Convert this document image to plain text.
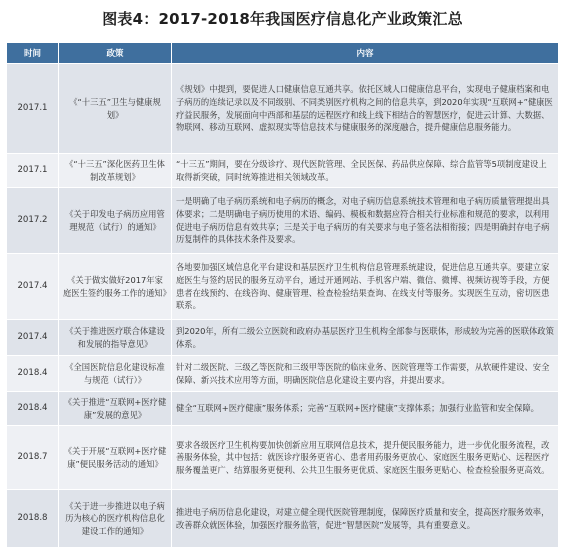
图表4：2017-2018年我国医疗信息化产业政策汇总
时间	政策	内容
2017.1	《“十三五”卫生与健康规划》	《规划》中提到，要促进人口健康信息互通共享。依托区域人口健康信息平台，实现电子健康档案和电子病历的连续记录以及不同级别、不同类别医疗机构之间的信息共享，到2020年实现“互联网+”健康医疗益民服务，发展面向中西部和基层的远程医疗和线上线下相结合的智慧医疗，促进云计算、大数据、物联网、移动互联网、虚拟现实等信息技术与健康服务的深度融合，提升健康信息服务能力。
2017.1	《“十三五”深化医药卫生体制改革规划》	“十三五”期间，要在分级诊疗、现代医院管理、全民医保、药品供应保障、综合监管等5项制度建设上取得新突破，同时统筹推进相关领域改革。
2017.2	《关于印发电子病历应用管理规范（试行）的通知》	一是明确了电子病历系统和电子病历的概念，对电子病历信息系统技术管理和电子病历质量管理提出具体要求；二是明确电子病历使用的术语、编码、模板和数据应符合相关行业标准和规范的要求，以利用促进电子病历信息有效共享；三是关于电子病历的有关要求与电子签名法相衔接；四是明确封存电子病历复制件的具体技术条件及要求。
2017.4	《关于做实做好2017年家庭医生签约服务工作的通知》	各地要加强区域信息化平台建设和基层医疗卫生机构信息管理系统建设，促进信息互通共享。要建立家庭医生与签约居民的服务互动平台，通过开通网站、手机客户端、微信、微博、视频访视等手段，方便患者在线预约、在线咨询、健康管理、检查检验结果查询、在线支付等服务。实现医生互动，密切医患联系。
2017.4	《关于推进医疗联合体建设和发展的指导意见》	到2020年，所有二级公立医院和政府办基层医疗卫生机构全部参与医联体，形成较为完善的医联体政策体系。
2018.4	《全国医院信息化建设标准与规范（试行）》	针对二级医院、三级乙等医院和三级甲等医院的临床业务、医院管理等工作需要，从软硬件建设、安全保障、新兴技术应用等方面，明确医院信息化建设主要内容，并提出要求。
2018.4	《关于推进“互联网+医疗健康”发展的意见》	健全“互联网+医疗健康”服务体系；完善“互联网+医疗健康”支撑体系；加强行业监管和安全保障。
2018.7	《关于开展“互联网+医疗健康”便民服务活动的通知》	要求各级医疗卫生机构要加快创新应用互联网信息技术，提升便民服务能力，进一步优化服务流程，改善服务体验，其中包括：就医诊疗服务更省心、患者用药服务更放心、家庭医生服务更贴心、远程医疗服务覆盖更广、结算服务更便利、公共卫生服务更优质、家庭医生服务更贴心、检查检验服务更高效。
2018.8	《关于进一步推进以电子病历为核心的医疗机构信息化建设工作的通知》	推进电子病历信息化建设，对建立健全现代医院管理制度，保障医疗质量和安全，提高医疗服务效率，改善群众就医体验，加强医疗服务监管，促进“智慧医院”发展等，具有重要意义。
